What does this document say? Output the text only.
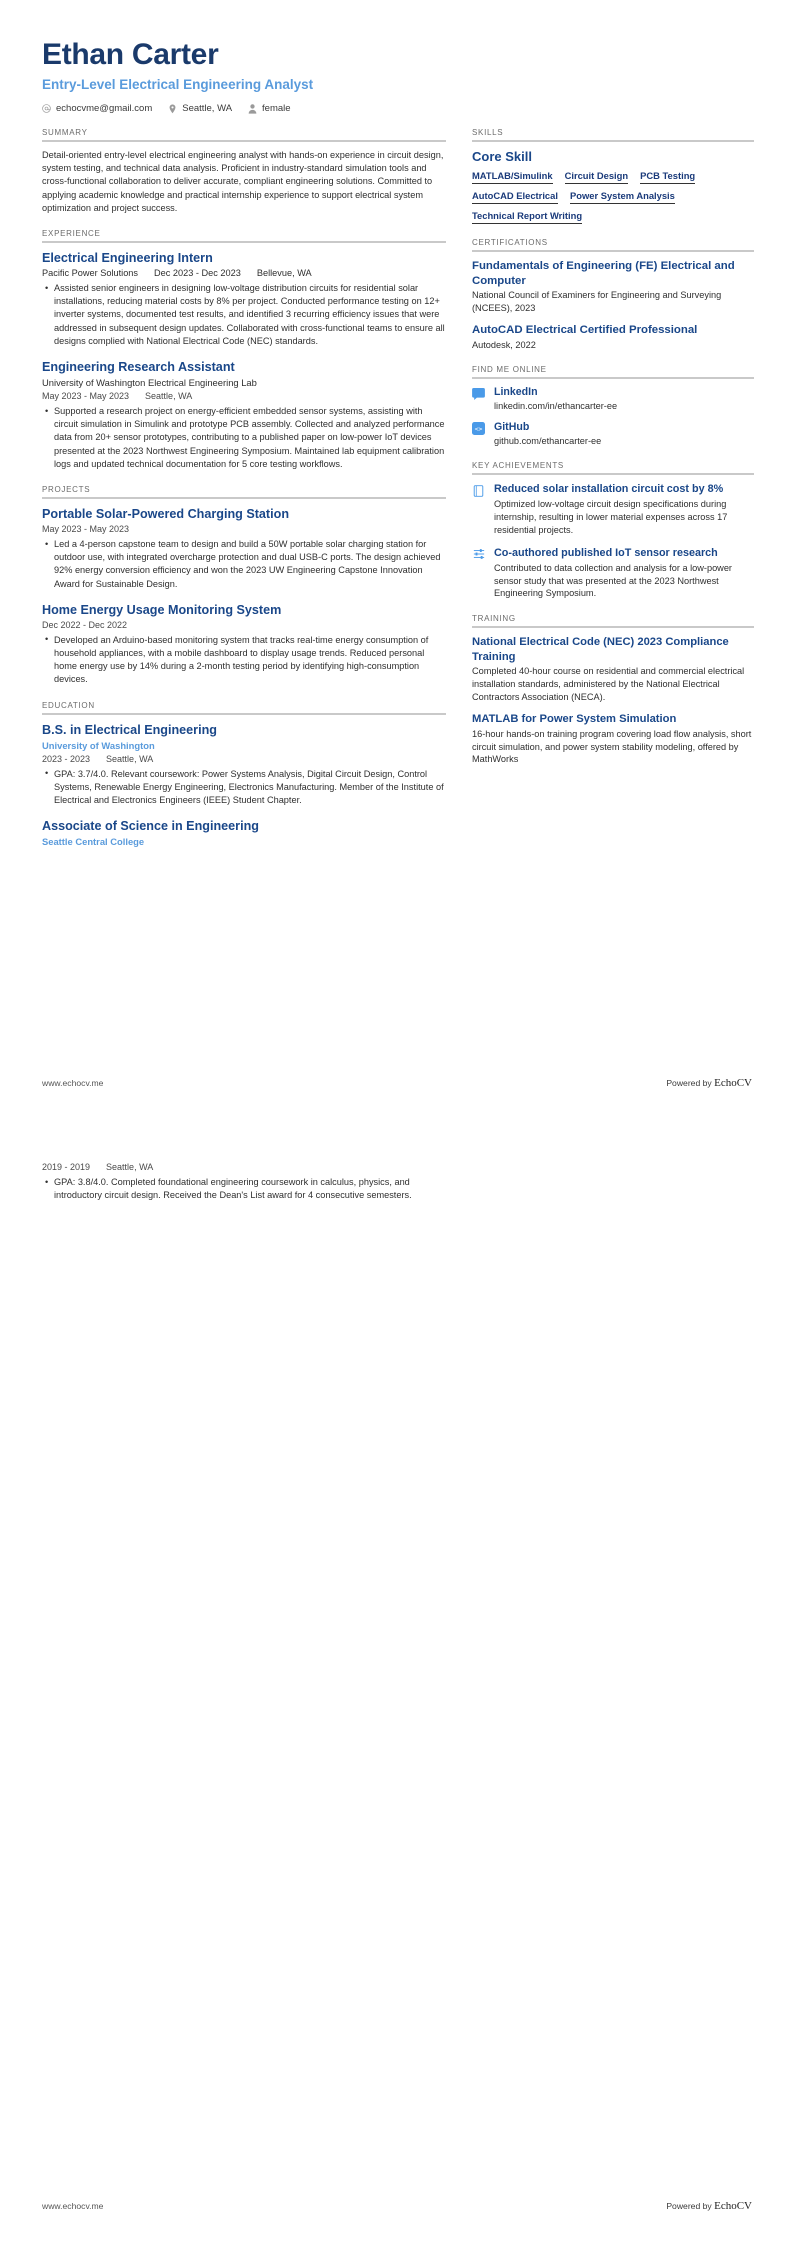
Ethan Carter
Entry-Level Electrical Engineering Analyst
echocvme@gmail.com	Seattle, WA	female
SUMMARY

Detail-oriented entry-level electrical engineering analyst with hands-on experience in circuit design, system testing, and technical data analysis. Proficient in industry-standard simulation tools and cross-functional collaboration to deliver accurate, compliant engineering solutions. Committed to applying academic knowledge and practical internship experience to support electrical system optimization and project success.

EXPERIENCE
Electrical Engineering Intern
Pacific Power Solutions Dec 2023 - Dec 2023 Bellevue, WA
• Assisted senior engineers in designing low-voltage distribution circuits for residential solar installations, reducing material costs by 8% per project. Conducted performance testing on 12+ inverter systems, documented test results, and identified 3 recurring efficiency issues that were addressed in subsequent design updates. Collaborated with cross-functional teams to ensure all designs complied with National Electrical Code (NEC) standards.
Engineering Research Assistant
University of Washington Electrical Engineering Lab
May 2023 - May 2023 Seattle, WA
• Supported a research project on energy-efficient embedded sensor systems, assisting with circuit simulation in Simulink and prototype PCB assembly. Collected and analyzed performance data from 20+ sensor prototypes, contributing to a published paper on low-power IoT devices presented at the 2023 Northwest Engineering Symposium. Maintained lab equipment calibration logs and updated technical documentation for 5 core testing workflows.
PROJECTS
Portable Solar-Powered Charging Station
May 2023 - May 2023
• Led a 4-person capstone team to design and build a 50W portable solar charging station for outdoor use, with integrated overcharge protection and dual USB-C ports. The design achieved 92% energy conversion efficiency and won the 2023 UW Engineering Capstone Innovation Award for Sustainable Design.
Home Energy Usage Monitoring System
Dec 2022 - Dec 2022
• Developed an Arduino-based monitoring system that tracks real-time energy consumption of household appliances, with a mobile dashboard to display usage trends. Reduced personal home energy use by 14% during a 2-month testing period by identifying high-consumption devices.
EDUCATION
B.S. in Electrical Engineering
University of Washington
2023 - 2023 Seattle, WA
• GPA: 3.7/4.0. Relevant coursework: Power Systems Analysis, Digital Circuit Design, Control Systems, Renewable Energy Engineering, Electronics Manufacturing. Member of the Institute of Electrical and Electronics Engineers (IEEE) Student Chapter.
Associate of Science in Engineering
Seattle Central College
SKILLS
Core Skill
MATLAB/Simulink Circuit Design PCB Testing
AutoCAD Electrical Power System Analysis
Technical Report Writing
CERTIFICATIONS
Fundamentals of Engineering (FE) Electrical and Computer
National Council of Examiners for Engineering and Surveying (NCEES), 2023
AutoCAD Electrical Certified Professional
Autodesk, 2022
FIND ME ONLINE
LinkedIn
linkedin.com/in/ethancarter-ee
<> GitHub
github.com/ethancarter-ee
KEY ACHIEVEMENTS
Reduced solar installation circuit cost by 8%
Optimized low-voltage circuit design specifications during internship, resulting in lower material expenses across 17 residential projects.
Co-authored published IoT sensor research
Contributed to data collection and analysis for a low-power sensor study that was presented at the 2023 Northwest Engineering Symposium.
TRAINING
National Electrical Code (NEC) 2023 Compliance Training
Completed 40-hour course on residential and commercial electrical installation standards, administered by the National Electrical Contractors Association (NECA).
MATLAB for Power System Simulation
16-hour hands-on training program covering load flow analysis, short circuit simulation, and power system stability modeling, offered by MathWorks
www.echocv.me	Powered by EchoCV
2019 - 2019 Seattle, WA
• GPA: 3.8/4.0. Completed foundational engineering coursework in calculus, physics, and introductory circuit design. Received the Dean's List award for 4 consecutive semesters.
www.echocv.me	Powered by EchoCV
